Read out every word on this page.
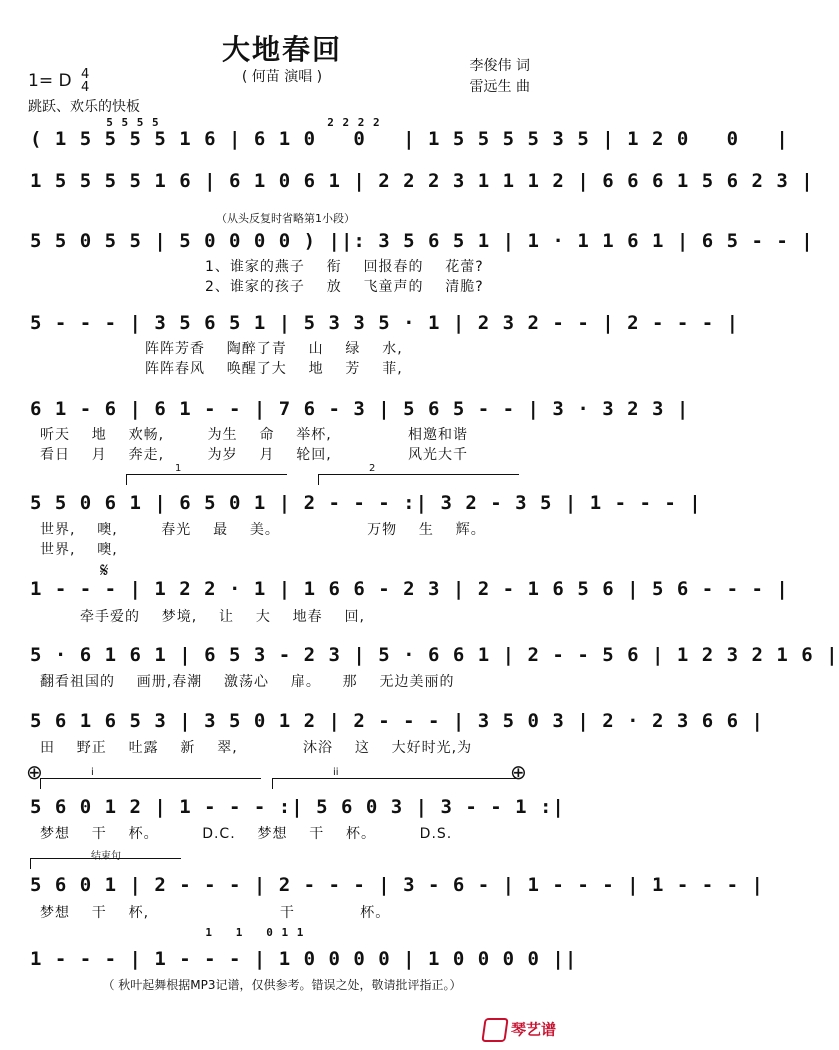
大地春回
( 何苗 演唱 )
李俊伟 词
雷远生 曲
1= D 4
4
跳跃、欢乐的快板
5 5 5 5                      2 2 2 2
( 1 5 5 5 5 1 6 | 6 1 0   0   | 1 5 5 5 5 3 5 | 1 2 0   0   |
1 5 5 5 5 1 6 | 6 1 0 6 1 | 2 2 2 3 1 1 1 2 | 6 6 6 1 5 6 2 3 |
（从头反复时省略第1小段）
5 5 0 5 5 | 5 0 0 0 0 ) ||: 3 5 6 5 1 | 1 · 1 1 6 1 | 6 5 - - |
1、谁家的燕子    衔    回报春的    花蕾?
2、谁家的孩子    放    飞童声的    清脆?
5 - - - | 3 5 6 5 1 | 5 3 3 5 · 1 | 2 3 2 - - | 2 - - - |
阵阵芳香    陶醉了青    山    绿    水,
阵阵春风    唤醒了大    地    芳    菲,
6 1 - 6 | 6 1 - - | 7 6 - 3 | 5 6 5 - - | 3 · 3 2 3 |
听天    地    欢畅,        为生    命    举杯,              相邀和谐
看日    月    奔走,        为岁    月    轮回,              风光大千
1	2
5 5 0 6 1 | 6 5 0 1 | 2 - - - :| 3 2 - 3 5 | 1 - - - |
世界,    噢,        春光    最    美。                万物    生    辉。
世界,    噢,
𝄋
1 - - - | 1 2 2 · 1 | 1 6 6 - 2 3 | 2 - 1 6 5 6 | 5 6 - - - |
牵手爱的    梦境,    让    大    地春    回,
5 · 6 1 6 1 | 6 5 3 - 2 3 | 5 · 6 6 1 | 2 - - 5 6 | 1 2 3 2 1 6 |
翻看祖国的    画册,春潮    激荡心    扉。    那    无边美丽的
5 6 1 6 5 3 | 3 5 0 1 2 | 2 - - - | 3 5 0 3 | 2 · 2 3 6 6 |
田    野正    吐露    新    翠,            沐浴    这    大好时光,为
⊕	⊕
i	ii
5 6 0 1 2 | 1 - - - :| 5 6 0 3 | 3 - - 1 :|
梦想    干    杯。        D.C.    梦想    干    杯。        D.S.
结束句
5 6 0 1 | 2 - - - | 2 - - - | 3 - 6 - | 1 - - - | 1 - - - |
梦想    干    杯,                        干            杯。
1   1   0 1 1
1 - - - | 1 - - - | 1 0 0 0 0 | 1 0 0 0 0 ||
（ 秋叶起舞根据MP3记谱，仅供参考。错误之处，敬请批评指正。）
琴艺谱
